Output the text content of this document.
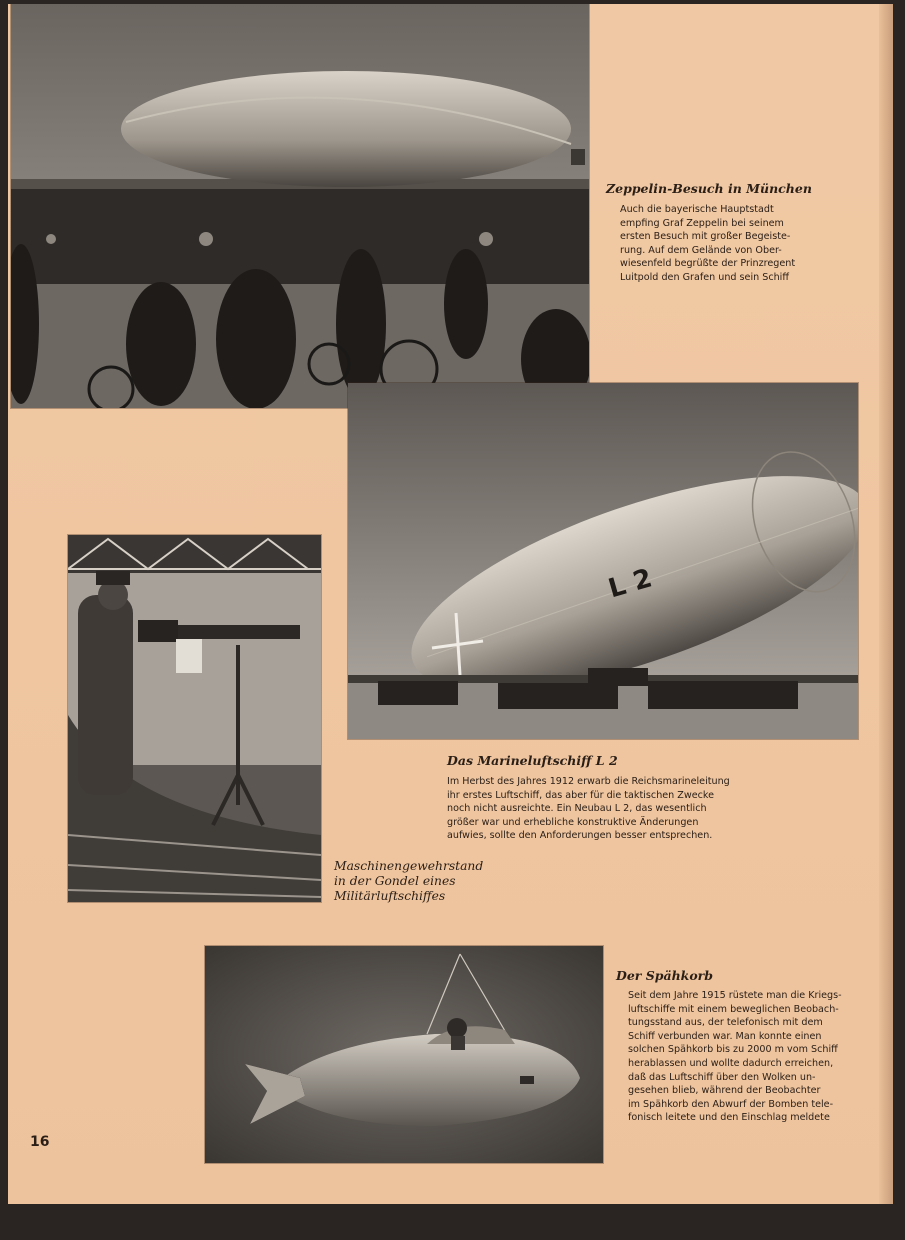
Zeppelin-Besuch in München

Auch die bayerische Hauptstadt
empfing Graf Zeppelin bei seinem
ersten Besuch mit großer Begeiste-
rung. Auf dem Gelände von Ober-
wiesenfeld begrüßte der Prinzregent
Luitpold den Grafen und sein Schiff

L 2
Das Marineluftschiff L 2

Im Herbst des Jahres 1912 erwarb die Reichsmarineleitung
ihr erstes Luftschiff, das aber für die taktischen Zwecke
noch nicht ausreichte. Ein Neubau L 2, das wesentlich
größer war und erhebliche konstruktive Änderungen
aufwies, sollte den Anforderungen besser entsprechen.

Maschinengewehrstand
in der Gondel eines
Militärluftschiffes

Der Spähkorb

Seit dem Jahre 1915 rüstete man die Kriegs-
luftschiffe mit einem beweglichen Beobach-
tungsstand aus, der telefonisch mit dem
Schiff verbunden war. Man konnte einen
solchen Spähkorb bis zu 2000 m vom Schiff
herablassen und wollte dadurch erreichen,
daß das Luftschiff über den Wolken un-
gesehen blieb, während der Beobachter
im Spähkorb den Abwurf der Bomben tele-
fonisch leitete und den Einschlag meldete

16
